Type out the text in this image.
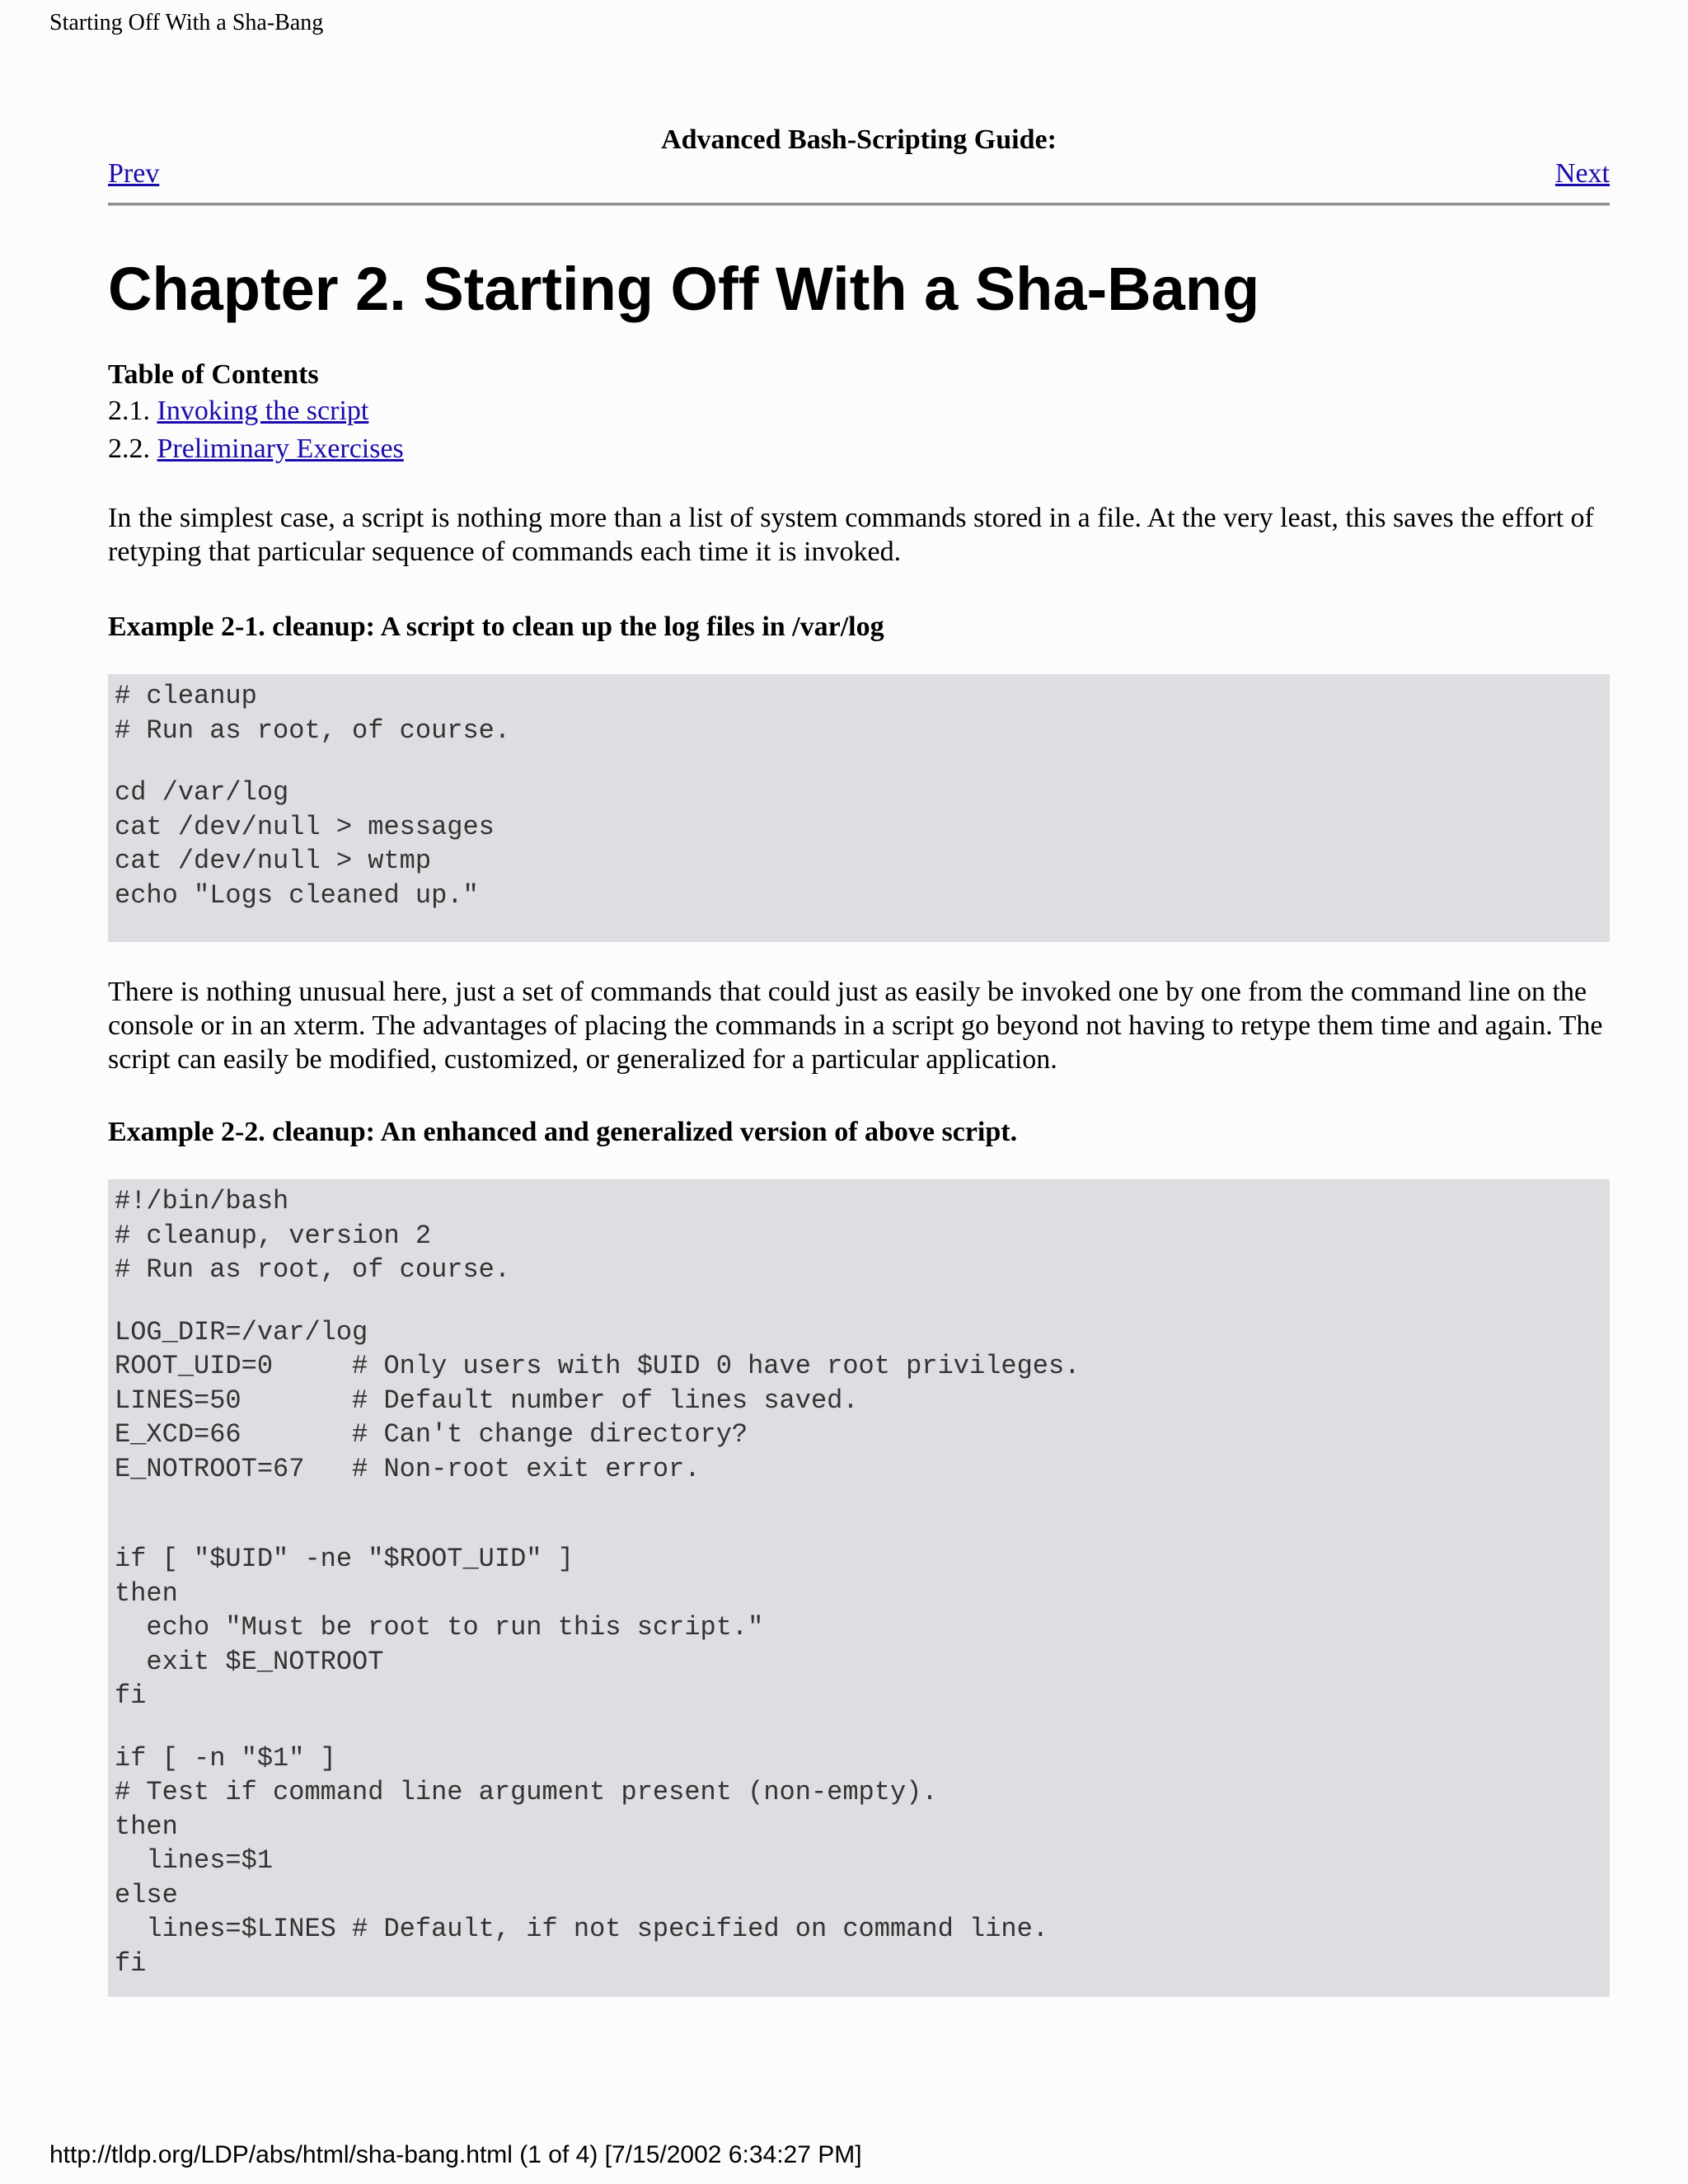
Starting Off With a Sha-Bang
Advanced Bash-Scripting Guide:
Prev	Next
Chapter 2. Starting Off With a Sha-Bang
Table of Contents
2.1. Invoking the script
2.2. Preliminary Exercises

In the simplest case, a script is nothing more than a list of system commands stored in a file. At the very least, this saves the effort of retyping that particular sequence of commands each time it is invoked.

Example 2-1. cleanup: A script to clean up the log files in /var/log
# cleanup
# Run as root, of course.
cd /var/log
cat /dev/null > messages
cat /dev/null > wtmp
echo "Logs cleaned up."

There is nothing unusual here, just a set of commands that could just as easily be invoked one by one from the command line on the console or in an xterm. The advantages of placing the commands in a script go beyond not having to retype them time and again. The script can easily be modified, customized, or generalized for a particular application.

Example 2-2. cleanup: An enhanced and generalized version of above script.
#!/bin/bash
# cleanup, version 2
# Run as root, of course.
LOG_DIR=/var/log
ROOT_UID=0     # Only users with $UID 0 have root privileges.
LINES=50       # Default number of lines saved.
E_XCD=66       # Can't change directory?
E_NOTROOT=67   # Non-root exit error.
if [ "$UID" -ne "$ROOT_UID" ]
then
echo "Must be root to run this script."
exit $E_NOTROOT
fi
if [ -n "$1" ]
# Test if command line argument present (non-empty).
then
lines=$1
else
lines=$LINES # Default, if not specified on command line.
fi
http://tldp.org/LDP/abs/html/sha-bang.html (1 of 4) [7/15/2002 6:34:27 PM]
